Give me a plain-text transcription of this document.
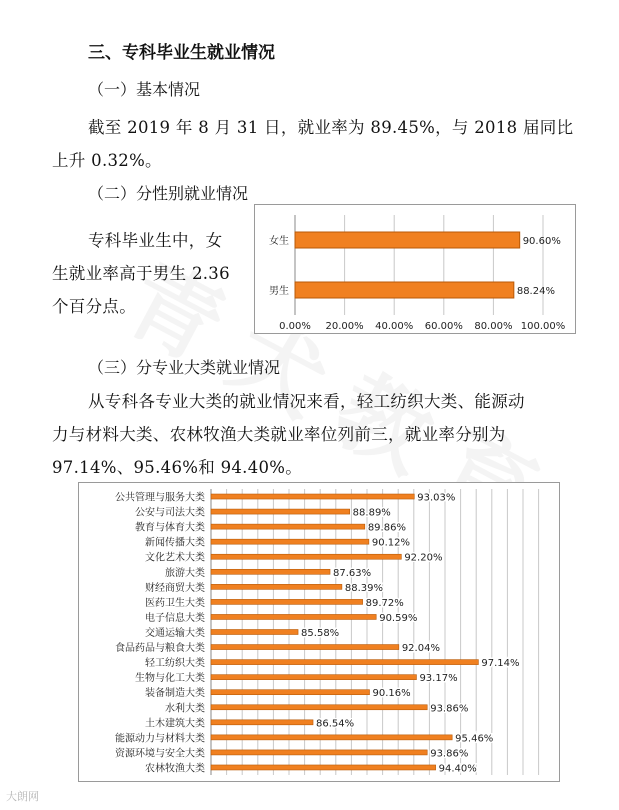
三、专科毕业生就业情况
（一）基本情况
截至 2019 年 8 月 31 日，就业率为 89.45%，与 2018 届同比
上升 0.32%。
（二）分性别就业情况
专科毕业生中，女
生就业率高于男生 2.36
个百分点。
0.00% 20.00% 40.00% 60.00% 80.00% 100.00%
女生	90.60%
男生	88.24%
（三）分专业大类就业情况
从专科各专业大类的就业情况来看，轻工纺织大类、能源动
力与材料大类、农林牧渔大类就业率位列前三，就业率分别为
97.14%、95.46%和 94.40%。
公共管理与服务大类	93.03%
公安与司法大类	88.89%
教育与体育大类	89.86%
新闻传播大类	90.12%
文化艺术大类	92.20%
旅游大类	87.63%
财经商贸大类	88.39%
医药卫生大类	89.72%
电子信息大类	90.59%
交通运输大类	85.58%
食品药品与粮食大类	92.04%
轻工纺织大类	97.14%
生物与化工大类	93.17%
装备制造大类	90.16%
水利大类	93.86%
土木建筑大类	86.54%
能源动力与材料大类	95.46%
资源环境与安全大类	93.86%
农林牧渔大类	94.40%
大朗网
